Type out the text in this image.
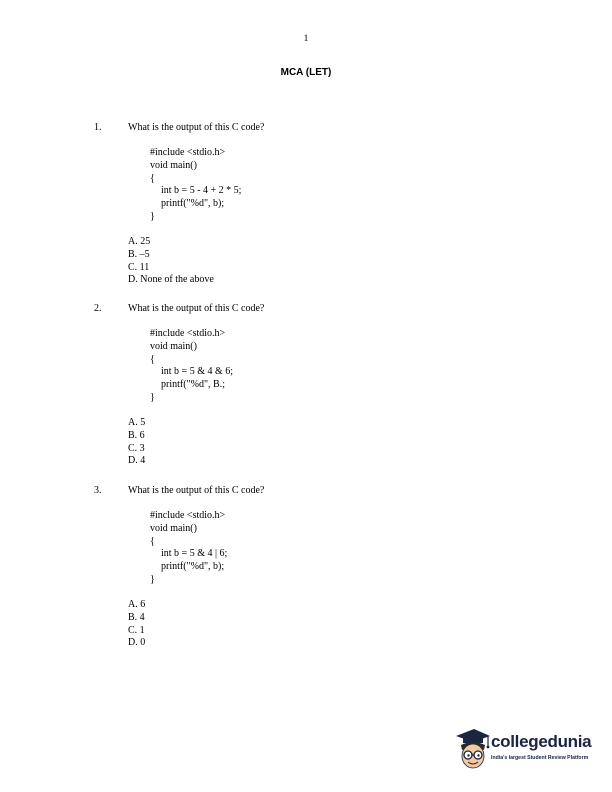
1
MCA (LET)
1.	What is the output of this C code?
#include <stdio.h>
void main()
{
int b = 5 - 4 + 2 * 5;
printf("%d", b);
}
A. 25
B. –5
C. 11
D. None of the above
2.	What is the output of this C code?
#include <stdio.h>
void main()
{
int b = 5 & 4 & 6;
printf("%d", B.;
}
A. 5
B. 6
C. 3
D. 4
3.	What is the output of this C code?
#include <stdio.h>
void main()
{
int b = 5 & 4 | 6;
printf("%d", b);
}
A. 6
B. 4
C. 1
D. 0
collegedunia
India's largest Student Review Platform
